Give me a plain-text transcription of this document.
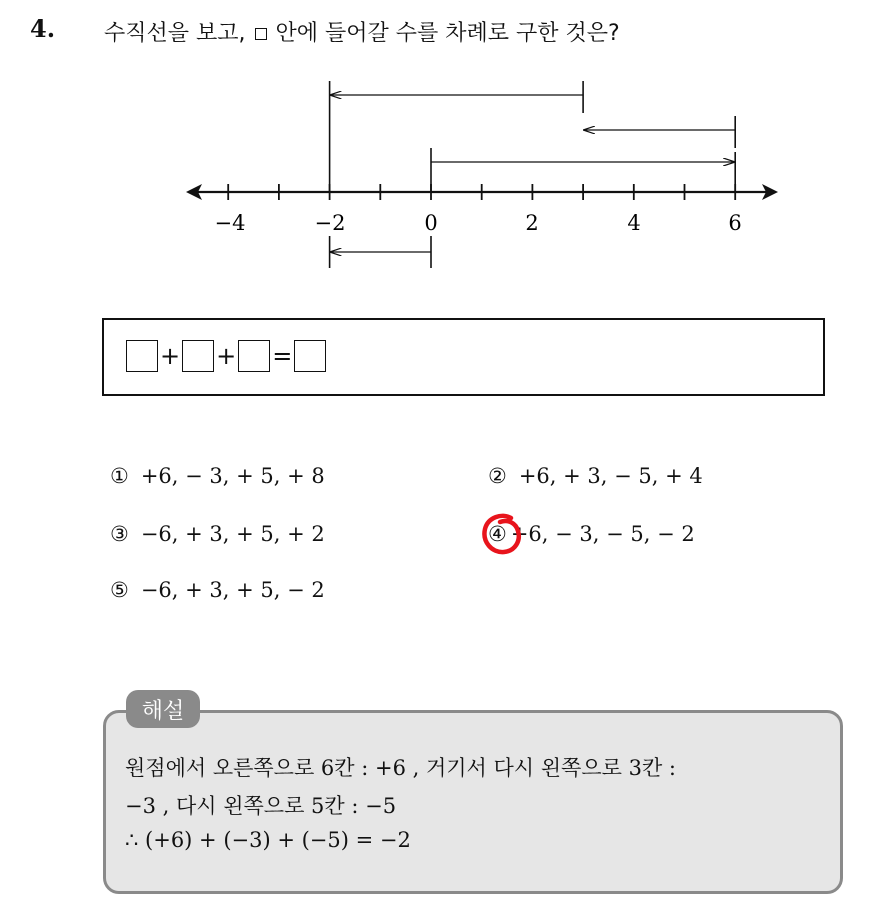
4. 수직선을 보고, 안에 들어갈 수를 차례로 구한 것은?
−4	−2	0	2	4	6
+ + =
① +6, − 3, + 5, + 8	② +6, + 3, − 5, + 4
③ −6, + 3, + 5, + 2	④ +6, − 3, − 5, − 2
⑤ −6, + 3, + 5, − 2
해설
원점에서 오른쪽으로 6칸 : +6 , 거기서 다시 왼쪽으로 3칸 :
−3 , 다시 왼쪽으로 5칸 : −5
∴ (+6) + (−3) + (−5) = −2
